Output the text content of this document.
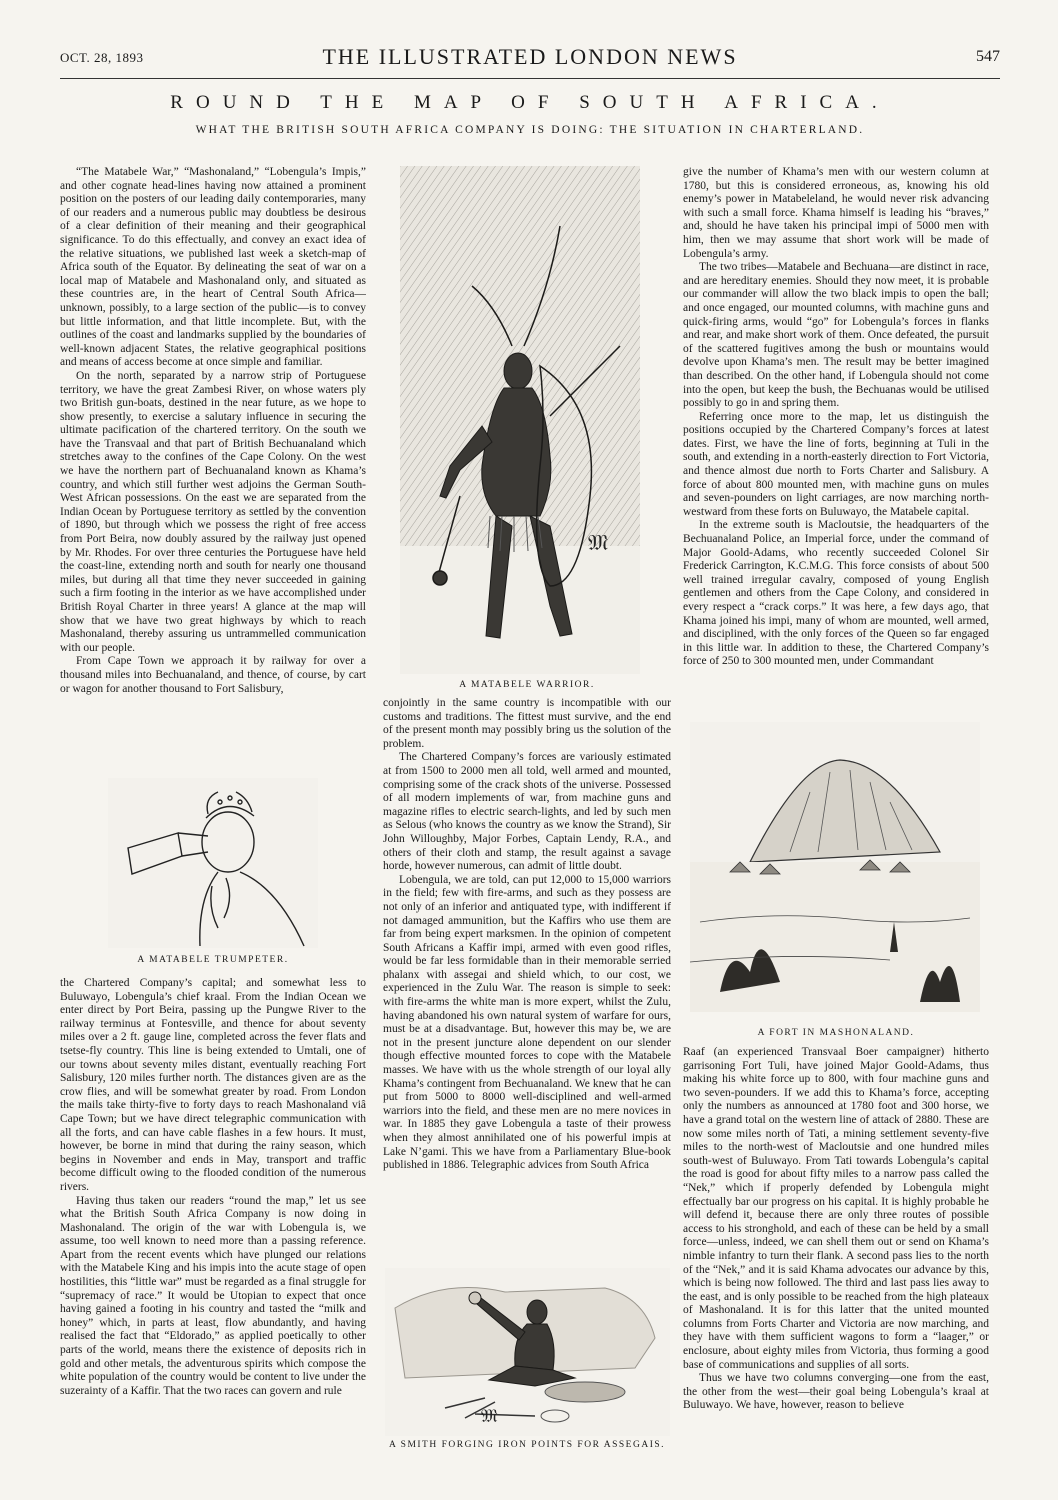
OCT. 28, 1893	THE ILLUSTRATED LONDON NEWS	547
ROUND THE MAP OF SOUTH AFRICA.
WHAT THE BRITISH SOUTH AFRICA COMPANY IS DOING: THE SITUATION IN CHARTERLAND.

“The Matabele War,” “Mashonaland,” “Lobengula’s Impis,” and other cognate head-lines having now attained a prominent position on the posters of our leading daily contemporaries, many of our readers and a numerous public may doubtless be desirous of a clear definition of their meaning and their geographical significance. To do this effectually, and convey an exact idea of the relative situations, we published last week a sketch-map of Africa south of the Equator. By delineating the seat of war on a local map of Matabele and Mashonaland only, and situated as these countries are, in the heart of Central South Africa—unknown, possibly, to a large section of the public—is to convey but little information, and that little incomplete. But, with the outlines of the coast and landmarks supplied by the boundaries of well-known adjacent States, the relative geographical positions and means of access become at once simple and familiar.

On the north, separated by a narrow strip of Portuguese territory, we have the great Zambesi River, on whose waters ply two British gun-boats, destined in the near future, as we hope to show presently, to exercise a salutary influence in securing the ultimate pacification of the chartered territory. On the south we have the Transvaal and that part of British Bechuanaland which stretches away to the confines of the Cape Colony. On the west we have the northern part of Bechuanaland known as Khama’s country, and which still further west adjoins the German South-West African possessions. On the east we are separated from the Indian Ocean by Portuguese territory as settled by the convention of 1890, but through which we possess the right of free access from Port Beira, now doubly assured by the railway just opened by Mr. Rhodes. For over three centuries the Portuguese have held the coast-line, extending north and south for nearly one thousand miles, but during all that time they never succeeded in gaining such a firm footing in the interior as we have accomplished under British Royal Charter in three years! A glance at the map will show that we have two great highways by which to reach Mashonaland, thereby assuring us untrammelled communication with our people.

From Cape Town we approach it by railway for over a thousand miles into Bechuanaland, and thence, of course, by cart or wagon for another thousand to Fort Salisbury,

A MATABELE TRUMPETER.

the Chartered Company’s capital; and somewhat less to Buluwayo, Lobengula’s chief kraal. From the Indian Ocean we enter direct by Port Beira, passing up the Pungwe River to the railway terminus at Fontesville, and thence for about seventy miles over a 2 ft. gauge line, completed across the fever flats and tsetse-fly country. This line is being extended to Umtali, one of our towns about seventy miles distant, eventually reaching Fort Salisbury, 120 miles further north. The distances given are as the crow flies, and will be somewhat greater by road. From London the mails take thirty-five to forty days to reach Mashonaland viâ Cape Town; but we have direct telegraphic communication with all the forts, and can have cable flashes in a few hours. It must, however, be borne in mind that during the rainy season, which begins in November and ends in May, transport and traffic become difficult owing to the flooded condition of the numerous rivers.

Having thus taken our readers “round the map,” let us see what the British South Africa Company is now doing in Mashonaland. The origin of the war with Lobengula is, we assume, too well known to need more than a passing reference. Apart from the recent events which have plunged our relations with the Matabele King and his impis into the acute stage of open hostilities, this “little war” must be regarded as a final struggle for “supremacy of race.” It would be Utopian to expect that once having gained a footing in his country and tasted the “milk and honey” which, in parts at least, flow abundantly, and having realised the fact that “Eldorado,” as applied poetically to other parts of the world, means there the existence of deposits rich in gold and other metals, the adventurous spirits which compose the white population of the country would be content to live under the suzerainty of a Kaffir. That the two races can govern and rule

𝔐
A MATABELE WARRIOR.

conjointly in the same country is incompatible with our customs and traditions. The fittest must survive, and the end of the present month may possibly bring us the solution of the problem.

The Chartered Company’s forces are variously estimated at from 1500 to 2000 men all told, well armed and mounted, comprising some of the crack shots of the universe. Possessed of all modern implements of war, from machine guns and magazine rifles to electric search-lights, and led by such men as Selous (who knows the country as we know the Strand), Sir John Willoughby, Major Forbes, Captain Lendy, R.A., and others of their cloth and stamp, the result against a savage horde, however numerous, can admit of little doubt.

Lobengula, we are told, can put 12,000 to 15,000 warriors in the field; few with fire-arms, and such as they possess are not only of an inferior and antiquated type, with indifferent if not damaged ammunition, but the Kaffirs who use them are far from being expert marksmen. In the opinion of competent South Africans a Kaffir impi, armed with even good rifles, would be far less formidable than in their memorable serried phalanx with assegai and shield which, to our cost, we experienced in the Zulu War. The reason is simple to seek: with fire-arms the white man is more expert, whilst the Zulu, having abandoned his own natural system of warfare for ours, must be at a disadvantage. But, however this may be, we are not in the present juncture alone dependent on our slender though effective mounted forces to cope with the Matabele masses. We have with us the whole strength of our loyal ally Khama’s contingent from Bechuanaland. We knew that he can put from 5000 to 8000 well-disciplined and well-armed warriors into the field, and these men are no mere novices in war. In 1885 they gave Lobengula a taste of their prowess when they almost annihilated one of his powerful impis at Lake N’gami. This we have from a Parliamentary Blue-book published in 1886. Telegraphic advices from South Africa

𝔐
A SMITH FORGING IRON POINTS FOR ASSEGAIS.

give the number of Khama’s men with our western column at 1780, but this is considered erroneous, as, knowing his old enemy’s power in Matabeleland, he would never risk advancing with such a small force. Khama himself is leading his “braves,” and, should he have taken his principal impi of 5000 men with him, then we may assume that short work will be made of Lobengula’s army.

The two tribes—Matabele and Bechuana—are distinct in race, and are hereditary enemies. Should they now meet, it is probable our commander will allow the two black impis to open the ball; and once engaged, our mounted columns, with machine guns and quick-firing arms, would “go” for Lobengula’s forces in flanks and rear, and make short work of them. Once defeated, the pursuit of the scattered fugitives among the bush or mountains would devolve upon Khama’s men. The result may be better imagined than described. On the other hand, if Lobengula should not come into the open, but keep the bush, the Bechuanas would be utilised possibly to go in and spring them.

Referring once more to the map, let us distinguish the positions occupied by the Chartered Company’s forces at latest dates. First, we have the line of forts, beginning at Tuli in the south, and extending in a north-easterly direction to Fort Victoria, and thence almost due north to Forts Charter and Salisbury. A force of about 800 mounted men, with machine guns on mules and seven-pounders on light carriages, are now marching north-westward from these forts on Buluwayo, the Matabele capital.

In the extreme south is Macloutsie, the headquarters of the Bechuanaland Police, an Imperial force, under the command of Major Goold-Adams, who recently succeeded Colonel Sir Frederick Carrington, K.C.M.G. This force consists of about 500 well trained irregular cavalry, composed of young English gentlemen and others from the Cape Colony, and considered in every respect a “crack corps.” It was here, a few days ago, that Khama joined his impi, many of whom are mounted, well armed, and disciplined, with the only forces of the Queen so far engaged in this little war. In addition to these, the Chartered Company’s force of 250 to 300 mounted men, under Commandant

A FORT IN MASHONALAND.

Raaf (an experienced Transvaal Boer campaigner) hitherto garrisoning Fort Tuli, have joined Major Goold-Adams, thus making his white force up to 800, with four machine guns and two seven-pounders. If we add this to Khama’s force, accepting only the numbers as announced at 1780 foot and 300 horse, we have a grand total on the western line of attack of 2880. These are now some miles north of Tati, a mining settlement seventy-five miles to the north-west of Macloutsie and one hundred miles south-west of Buluwayo. From Tati towards Lobengula’s capital the road is good for about fifty miles to a narrow pass called the “Nek,” which if properly defended by Lobengula might effectually bar our progress on his capital. It is highly probable he will defend it, because there are only three routes of possible access to his stronghold, and each of these can be held by a small force—unless, indeed, we can shell them out or send on Khama’s nimble infantry to turn their flank. A second pass lies to the north of the “Nek,” and it is said Khama advocates our advance by this, which is being now followed. The third and last pass lies away to the east, and is only possible to be reached from the high plateaux of Mashonaland. It is for this latter that the united mounted columns from Forts Charter and Victoria are now marching, and they have with them sufficient wagons to form a “laager,” or enclosure, about eighty miles from Victoria, thus forming a good base of communications and supplies of all sorts.

Thus we have two columns converging—one from the east, the other from the west—their goal being Lobengula’s kraal at Buluwayo. We have, however, reason to believe
